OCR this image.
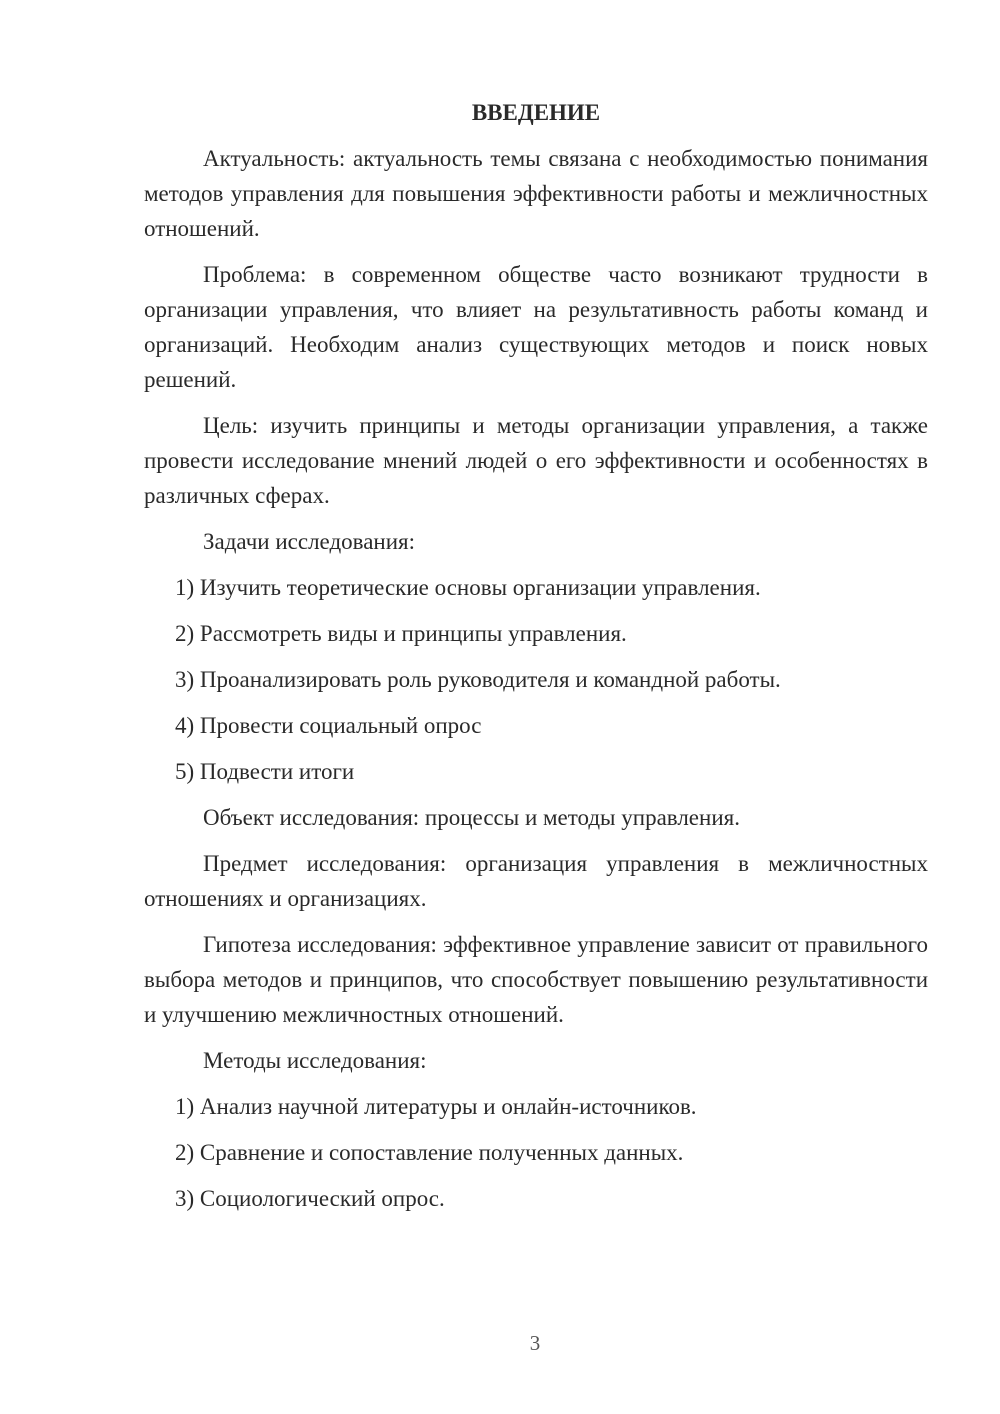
ВВЕДЕНИЕ
Актуальность: актуальность темы связана с необходимостью понимания методов управления для повышения эффективности работы и межличностных отношений.
Проблема: в современном обществе часто возникают трудности в организации управления, что влияет на результативность работы команд и организаций. Необходим анализ существующих методов и поиск новых решений.
Цель: изучить принципы и методы организации управления, а также провести исследование мнений людей о его эффективности и особенностях в различных сферах.
Задачи исследования:
1) Изучить теоретические основы организации управления.
2) Рассмотреть виды и принципы управления.
3) Проанализировать роль руководителя и командной работы.
4) Провести социальный опрос
5) Подвести итоги
Объект исследования: процессы и методы управления.
Предмет исследования: организация управления в межличностных отношениях и организациях.
Гипотеза исследования: эффективное управление зависит от правильного выбора методов и принципов, что способствует повышению результативности и улучшению межличностных отношений.
Методы исследования:
1) Анализ научной литературы и онлайн-источников.
2) Сравнение и сопоставление полученных данных.
3) Социологический опрос.
3
